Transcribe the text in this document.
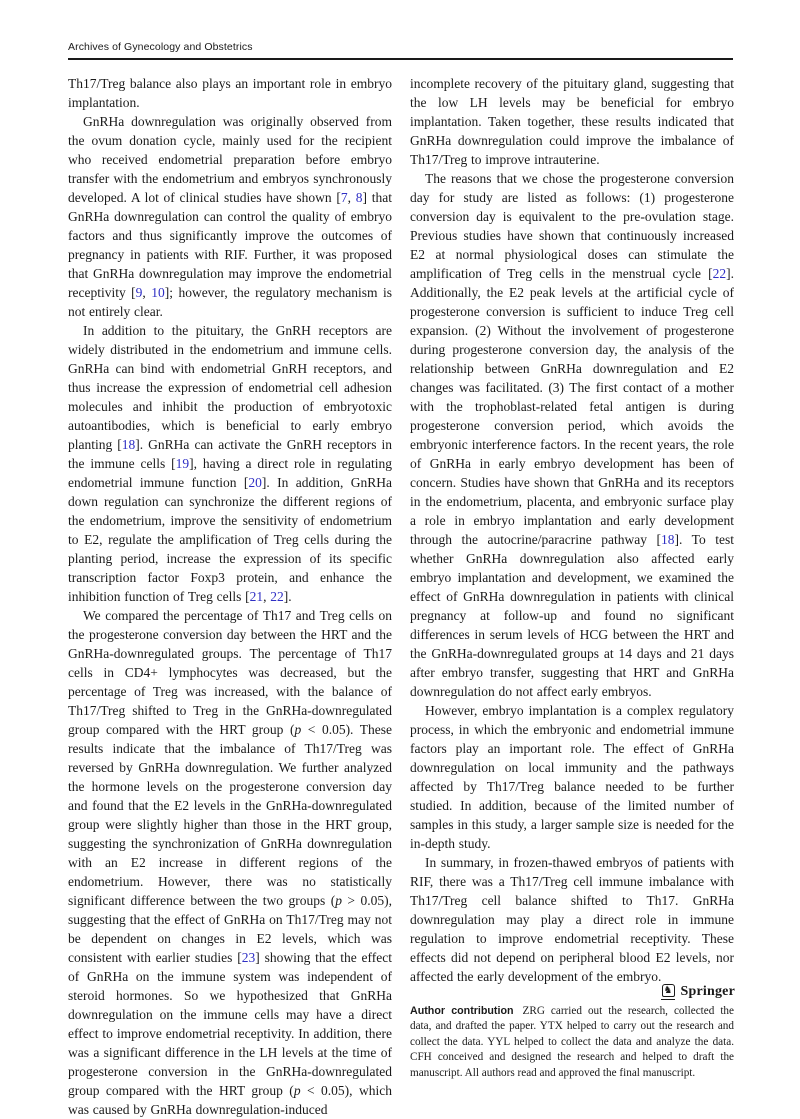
Archives of Gynecology and Obstetrics

Th17/Treg balance also plays an important role in embryo implantation.

GnRHa downregulation was originally observed from the ovum donation cycle, mainly used for the recipient who received endometrial preparation before embryo transfer with the endometrium and embryos synchronously developed. A lot of clinical studies have shown [7, 8] that GnRHa downregulation can control the quality of embryo factors and thus significantly improve the outcomes of pregnancy in patients with RIF. Further, it was proposed that GnRHa downregulation may improve the endometrial receptivity [9, 10]; however, the regulatory mechanism is not entirely clear.

In addition to the pituitary, the GnRH receptors are widely distributed in the endometrium and immune cells. GnRHa can bind with endometrial GnRH receptors, and thus increase the expression of endometrial cell adhesion molecules and inhibit the production of embryotoxic autoantibodies, which is beneficial to early embryo planting [18]. GnRHa can activate the GnRH receptors in the immune cells [19], having a direct role in regulating endometrial immune function [20]. In addition, GnRHa down regulation can synchronize the different regions of the endometrium, improve the sensitivity of endometrium to E2, regulate the amplification of Treg cells during the planting period, increase the expression of its specific transcription factor Foxp3 protein, and enhance the inhibition function of Treg cells [21, 22].

We compared the percentage of Th17 and Treg cells on the progesterone conversion day between the HRT and the GnRHa-downregulated groups. The percentage of Th17 cells in CD4+ lymphocytes was decreased, but the percentage of Treg was increased, with the balance of Th17/Treg shifted to Treg in the GnRHa-downregulated group compared with the HRT group (p < 0.05). These results indicate that the imbalance of Th17/Treg was reversed by GnRHa downregulation. We further analyzed the hormone levels on the progesterone conversion day and found that the E2 levels in the GnRHa-downregulated group were slightly higher than those in the HRT group, suggesting the synchronization of GnRHa downregulation with an E2 increase in different regions of the endometrium. However, there was no statistically significant difference between the two groups (p > 0.05), suggesting that the effect of GnRHa on Th17/Treg may not be dependent on changes in E2 levels, which was consistent with earlier studies [23] showing that the effect of GnRHa on the immune system was independent of steroid hormones. So we hypothesized that GnRHa downregulation on the immune cells may have a direct effect to improve endometrial receptivity. In addition, there was a significant difference in the LH levels at the time of progesterone conversion in the GnRHa-downregulated group compared with the HRT group (p < 0.05), which was caused by GnRHa downregulation-induced

incomplete recovery of the pituitary gland, suggesting that the low LH levels may be beneficial for embryo implantation. Taken together, these results indicated that GnRHa downregulation could improve the imbalance of Th17/Treg to improve intrauterine.

The reasons that we chose the progesterone conversion day for study are listed as follows: (1) progesterone conversion day is equivalent to the pre-ovulation stage. Previous studies have shown that continuously increased E2 at normal physiological doses can stimulate the amplification of Treg cells in the menstrual cycle [22]. Additionally, the E2 peak levels at the artificial cycle of progesterone conversion is sufficient to induce Treg cell expansion. (2) Without the involvement of progesterone during progesterone conversion day, the analysis of the relationship between GnRHa downregulation and E2 changes was facilitated. (3) The first contact of a mother with the trophoblast-related fetal antigen is during progesterone conversion period, which avoids the embryonic interference factors. In the recent years, the role of GnRHa in early embryo development has been of concern. Studies have shown that GnRHa and its receptors in the endometrium, placenta, and embryonic surface play a role in embryo implantation and early development through the autocrine/paracrine pathway [18]. To test whether GnRHa downregulation also affected early embryo implantation and development, we examined the effect of GnRHa downregulation in patients with clinical pregnancy at follow-up and found no significant differences in serum levels of HCG between the HRT and the GnRHa-downregulated groups at 14 days and 21 days after embryo transfer, suggesting that HRT and GnRHa downregulation do not affect early embryos.

However, embryo implantation is a complex regulatory process, in which the embryonic and endometrial immune factors play an important role. The effect of GnRHa downregulation on local immunity and the pathways affected by Th17/Treg balance needed to be further studied. In addition, because of the limited number of samples in this study, a larger sample size is needed for the in-depth study.

In summary, in frozen-thawed embryos of patients with RIF, there was a Th17/Treg cell immune imbalance with Th17/Treg cell balance shifted to Th17. GnRHa downregulation may play a direct role in immune regulation to improve endometrial receptivity. These effects did not depend on peripheral blood E2 levels, nor affected the early development of the embryo.

Author contribution ZRG carried out the research, collected the data, and drafted the paper. YTX helped to carry out the research and collect the data. YYL helped to collect the data and analyze the data. CFH conceived and designed the research and helped to draft the manuscript. All authors read and approved the final manuscript.

♞ Springer
